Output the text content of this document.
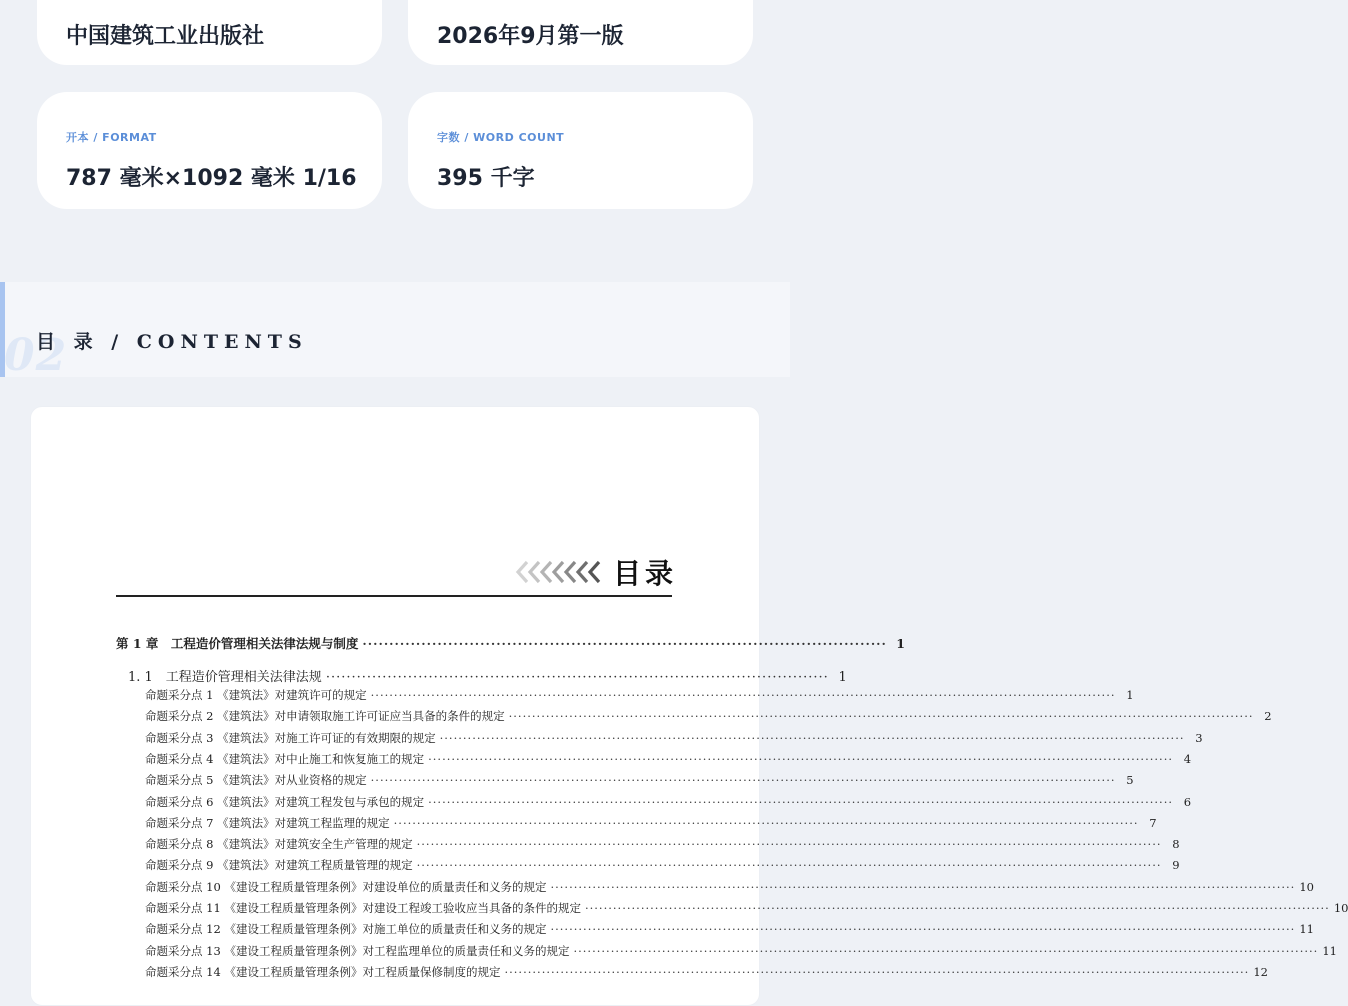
中国建筑工业出版社	2026年9月第一版
开本 / FORMAT
787 毫米×1092 毫米 1/16
字数 / WORD COUNT
395 千字
02
目 录 / CONTENTS
目录
第 1 章　工程造价管理相关法律法规与制度 ·································································································· 1
1. 1　工程造价管理相关法律法规 ·································································································· 1
命题采分点 1 《建筑法》对建筑许可的规定 ································································································································································ 1
命题采分点 2 《建筑法》对申请领取施工许可证应当具备的条件的规定 ································································································································································ 2
命题采分点 3 《建筑法》对施工许可证的有效期限的规定 ································································································································································ 3
命题采分点 4 《建筑法》对中止施工和恢复施工的规定 ································································································································································ 4
命题采分点 5 《建筑法》对从业资格的规定 ································································································································································ 5
命题采分点 6 《建筑法》对建筑工程发包与承包的规定 ································································································································································ 6
命题采分点 7 《建筑法》对建筑工程监理的规定 ································································································································································ 7
命题采分点 8 《建筑法》对建筑安全生产管理的规定 ································································································································································ 8
命题采分点 9 《建筑法》对建筑工程质量管理的规定 ································································································································································ 9
命题采分点 10 《建设工程质量管理条例》对建设单位的质量责任和义务的规定 ································································································································································ 10
命题采分点 11 《建设工程质量管理条例》对建设工程竣工验收应当具备的条件的规定 ································································································································································ 10
命题采分点 12 《建设工程质量管理条例》对施工单位的质量责任和义务的规定 ································································································································································ 11
命题采分点 13 《建设工程质量管理条例》对工程监理单位的质量责任和义务的规定 ································································································································································ 11
命题采分点 14 《建设工程质量管理条例》对工程质量保修制度的规定 ································································································································································ 12
